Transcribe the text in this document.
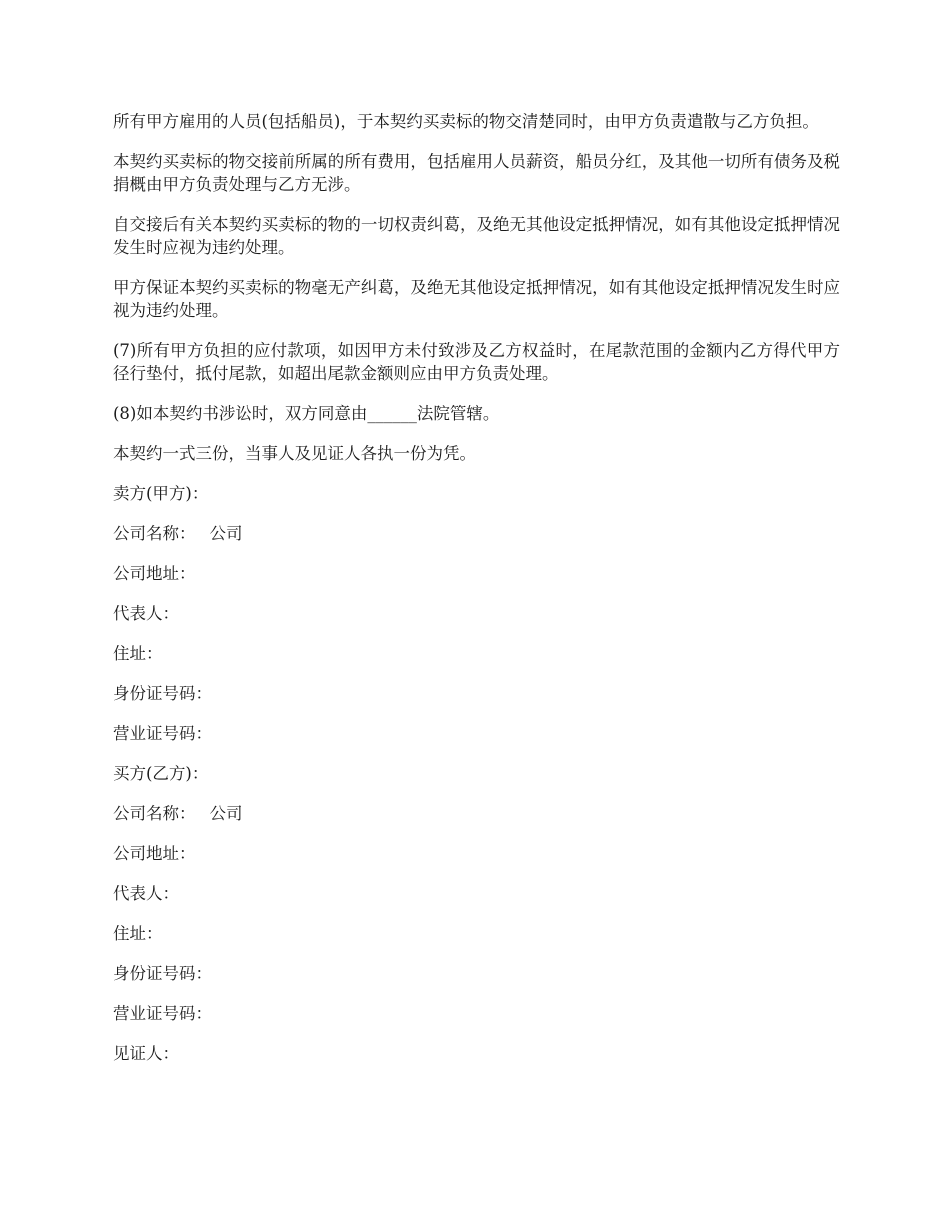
所有甲方雇用的人员(包括船员)，于本契约买卖标的物交清楚同时，由甲方负责遣散与乙方负担。

本契约买卖标的物交接前所属的所有费用，包括雇用人员薪资，船员分红，及其他一切所有债务及税捐概由甲方负责处理与乙方无涉。

自交接后有关本契约买卖标的物的一切权责纠葛，及绝无其他设定抵押情况，如有其他设定抵押情况发生时应视为违约处理。

甲方保证本契约买卖标的物毫无产纠葛，及绝无其他设定抵押情况，如有其他设定抵押情况发生时应视为违约处理。

(7)所有甲方负担的应付款项，如因甲方未付致涉及乙方权益时，在尾款范围的金额内乙方得代甲方径行垫付，抵付尾款，如超出尾款金额则应由甲方负责处理。

(8)如本契约书涉讼时，双方同意由______法院管辖。

本契约一式三份，当事人及见证人各执一份为凭。

卖方(甲方)：
公司名称： 公司
公司地址：
代表人：
住址：
身份证号码：
营业证号码：
买方(乙方)：
公司名称： 公司
公司地址：
代表人：
住址：
身份证号码：
营业证号码：
见证人：
